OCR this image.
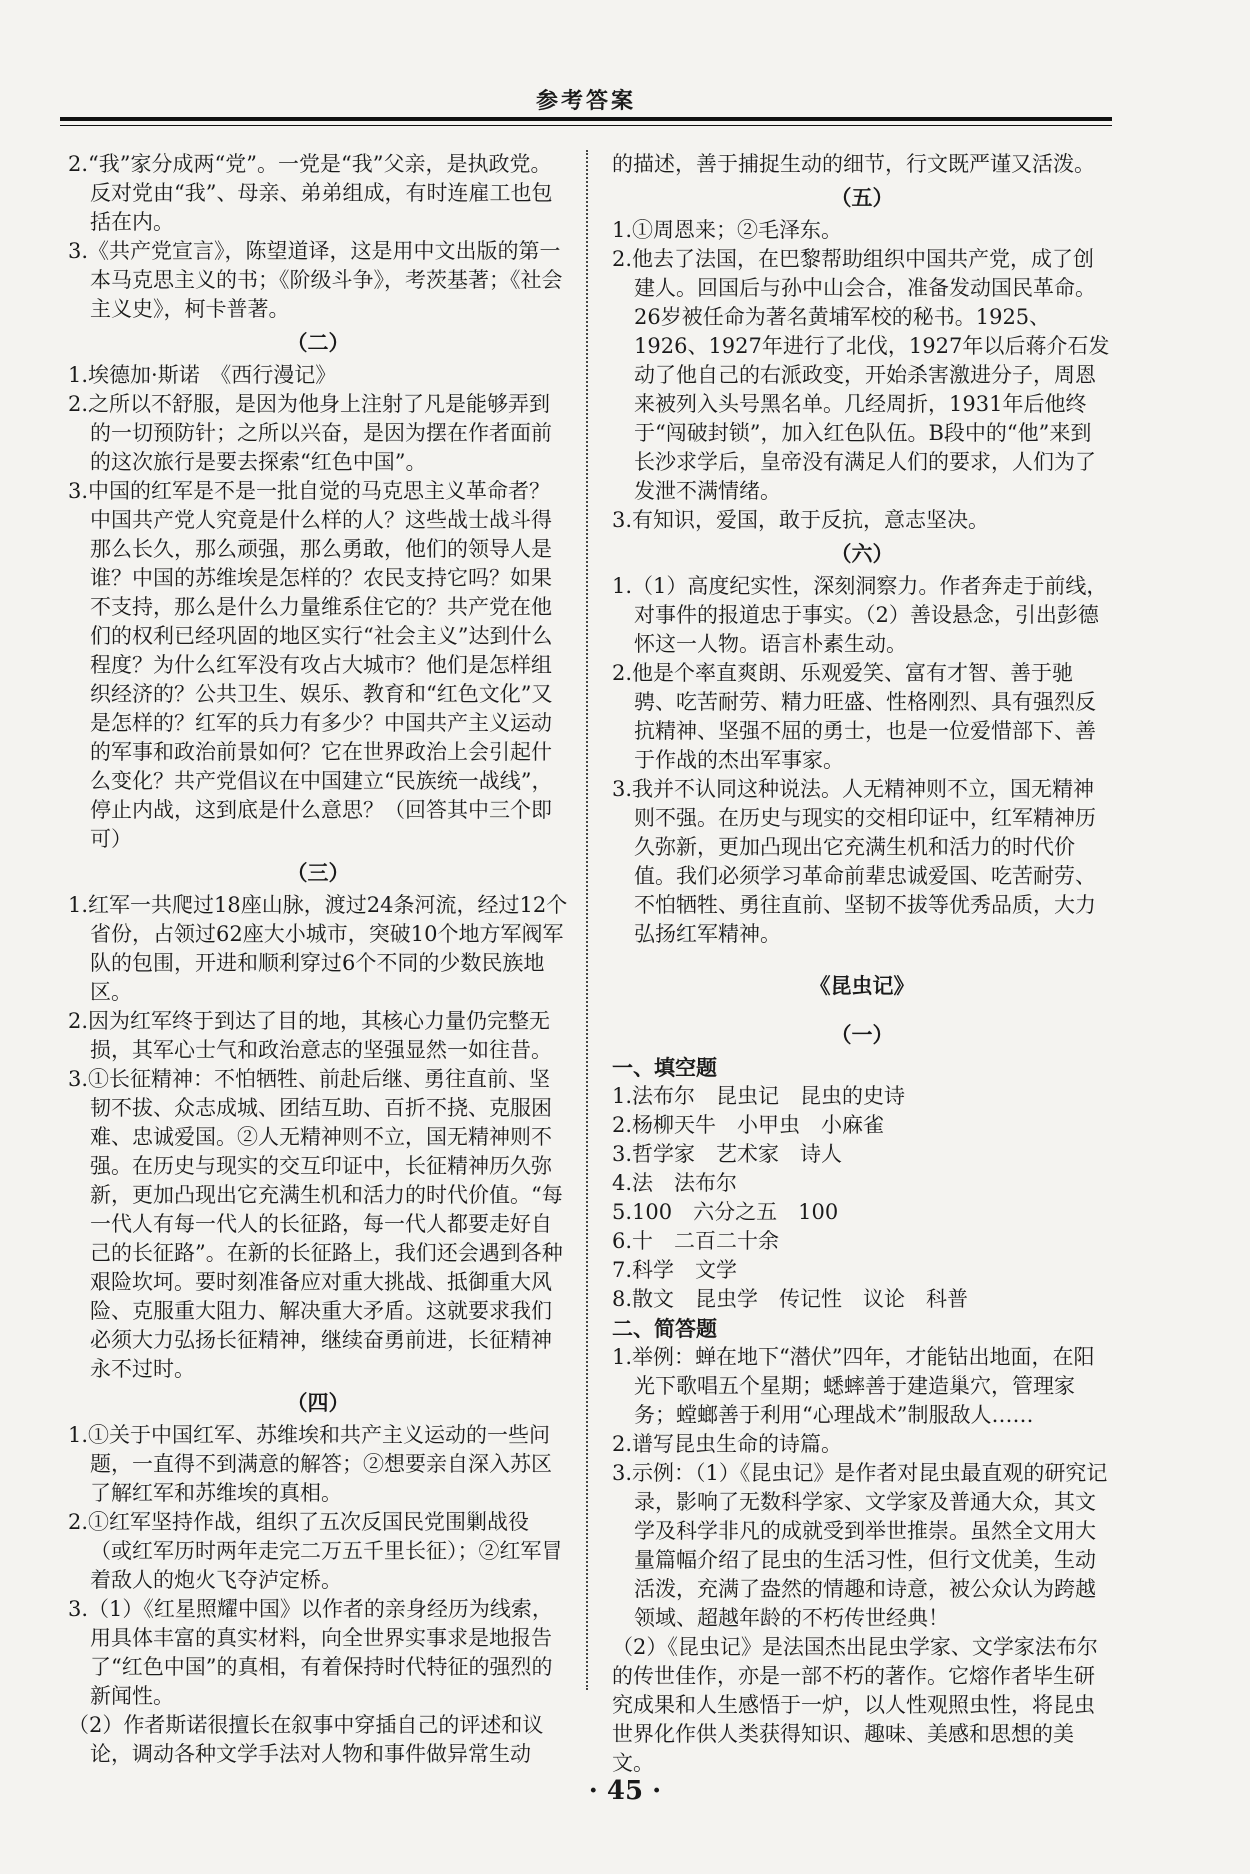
参考答案

2.“我”家分成两“党”。一党是“我”父亲，是执政党。反对党由“我”、母亲、弟弟组成，有时连雇工也包括在内。

3.《共产党宣言》，陈望道译，这是用中文出版的第一本马克思主义的书；《阶级斗争》，考茨基著；《社会主义史》，柯卡普著。

（二）

1.埃德加·斯诺　《西行漫记》

2.之所以不舒服，是因为他身上注射了凡是能够弄到的一切预防针；之所以兴奋，是因为摆在作者面前的这次旅行是要去探索“红色中国”。

3.中国的红军是不是一批自觉的马克思主义革命者？中国共产党人究竟是什么样的人？这些战士战斗得那么长久，那么顽强，那么勇敢，他们的领导人是谁？中国的苏维埃是怎样的？农民支持它吗？如果不支持，那么是什么力量维系住它的？共产党在他们的权利已经巩固的地区实行“社会主义”达到什么程度？为什么红军没有攻占大城市？他们是怎样组织经济的？公共卫生、娱乐、教育和“红色文化”又是怎样的？红军的兵力有多少？中国共产主义运动的军事和政治前景如何？它在世界政治上会引起什么变化？共产党倡议在中国建立“民族统一战线”，停止内战，这到底是什么意思？（回答其中三个即可）

（三）

1.红军一共爬过18座山脉，渡过24条河流，经过12个省份，占领过62座大小城市，突破10个地方军阀军队的包围，开进和顺利穿过6个不同的少数民族地区。

2.因为红军终于到达了目的地，其核心力量仍完整无损，其军心士气和政治意志的坚强显然一如往昔。

3.①长征精神：不怕牺牲、前赴后继、勇往直前、坚韧不拔、众志成城、团结互助、百折不挠、克服困难、忠诚爱国。②人无精神则不立，国无精神则不强。在历史与现实的交互印证中，长征精神历久弥新，更加凸现出它充满生机和活力的时代价值。“每一代人有每一代人的长征路，每一代人都要走好自己的长征路”。在新的长征路上，我们还会遇到各种艰险坎坷。要时刻准备应对重大挑战、抵御重大风险、克服重大阻力、解决重大矛盾。这就要求我们必须大力弘扬长征精神，继续奋勇前进，长征精神永不过时。

（四）

1.①关于中国红军、苏维埃和共产主义运动的一些问题，一直得不到满意的解答；②想要亲自深入苏区了解红军和苏维埃的真相。

2.①红军坚持作战，组织了五次反国民党围剿战役（或红军历时两年走完二万五千里长征）；②红军冒着敌人的炮火飞夺泸定桥。

3.（1）《红星照耀中国》以作者的亲身经历为线索，用具体丰富的真实材料，向全世界实事求是地报告了“红色中国”的真相，有着保持时代特征的强烈的新闻性。

（2）作者斯诺很擅长在叙事中穿插自己的评述和议论，调动各种文学手法对人物和事件做异常生动

的描述，善于捕捉生动的细节，行文既严谨又活泼。

（五）

1.①周恩来；②毛泽东。

2.他去了法国，在巴黎帮助组织中国共产党，成了创建人。回国后与孙中山会合，准备发动国民革命。26岁被任命为著名黄埔军校的秘书。1925、1926、1927年进行了北伐，1927年以后蒋介石发动了他自己的右派政变，开始杀害激进分子，周恩来被列入头号黑名单。几经周折，1931年后他终于“闯破封锁”，加入红色队伍。B段中的“他”来到长沙求学后，皇帝没有满足人们的要求，人们为了发泄不满情绪。

3.有知识，爱国，敢于反抗，意志坚决。

（六）

1.（1）高度纪实性，深刻洞察力。作者奔走于前线，对事件的报道忠于事实。（2）善设悬念，引出彭德怀这一人物。语言朴素生动。

2.他是个率直爽朗、乐观爱笑、富有才智、善于驰骋、吃苦耐劳、精力旺盛、性格刚烈、具有强烈反抗精神、坚强不屈的勇士，也是一位爱惜部下、善于作战的杰出军事家。

3.我并不认同这种说法。人无精神则不立，国无精神则不强。在历史与现实的交相印证中，红军精神历久弥新，更加凸现出它充满生机和活力的时代价值。我们必须学习革命前辈忠诚爱国、吃苦耐劳、不怕牺牲、勇往直前、坚韧不拔等优秀品质，大力弘扬红军精神。

《昆虫记》
（一）

一、填空题

1.法布尔　昆虫记　昆虫的史诗

2.杨柳天牛　小甲虫　小麻雀

3.哲学家　艺术家　诗人

4.法　法布尔

5.100　六分之五　100

6.十　二百二十余

7.科学　文学

8.散文　昆虫学　传记性　议论　科普

二、简答题

1.举例：蝉在地下“潜伏”四年，才能钻出地面，在阳光下歌唱五个星期；蟋蟀善于建造巢穴，管理家务；螳螂善于利用“心理战术”制服敌人……

2.谱写昆虫生命的诗篇。

3.示例：（1）《昆虫记》是作者对昆虫最直观的研究记录，影响了无数科学家、文学家及普通大众，其文学及科学非凡的成就受到举世推崇。虽然全文用大量篇幅介绍了昆虫的生活习性，但行文优美，生动活泼，充满了盎然的情趣和诗意，被公众认为跨越领域、超越年龄的不朽传世经典！

（2）《昆虫记》是法国杰出昆虫学家、文学家法布尔的传世佳作，亦是一部不朽的著作。它熔作者毕生研究成果和人生感悟于一炉，以人性观照虫性，将昆虫世界化作供人类获得知识、趣味、美感和思想的美文。

· 45 ·
